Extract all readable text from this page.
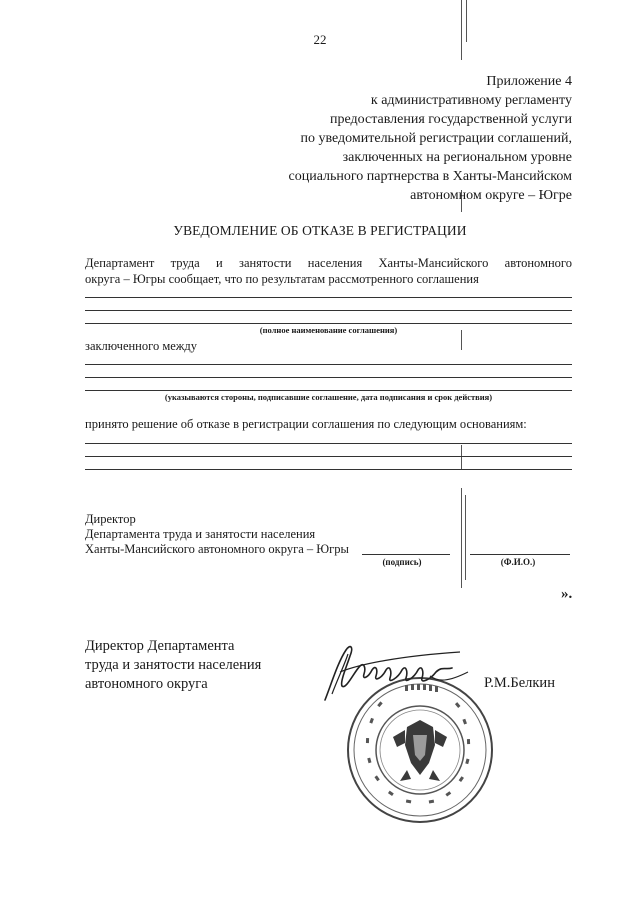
22
Приложение 4
к административному регламенту
предоставления государственной услуги
по уведомительной регистрации соглашений,
заключенных на региональном уровне
социального партнерства в Ханты-Мансийском
автономном округе – Югре
УВЕДОМЛЕНИЕ ОБ ОТКАЗЕ В РЕГИСТРАЦИИ
Департамент труда и занятости населения Ханты-Мансийского автономного
округа – Югры сообщает, что по результатам рассмотренного соглашения
(полное наименование соглашения)
заключенного между
(указываются стороны, подписавшие соглашение, дата подписания и срок действия)
принято решение об отказе в регистрации соглашения по следующим основаниям:
Директор
Департамента труда и занятости населения
Ханты-Мансийского автономного округа – Югры
(подпись)	(Ф.И.О.)
».
Директор Департамента
труда и занятости населения
автономного округа	Р.М.Белкин
